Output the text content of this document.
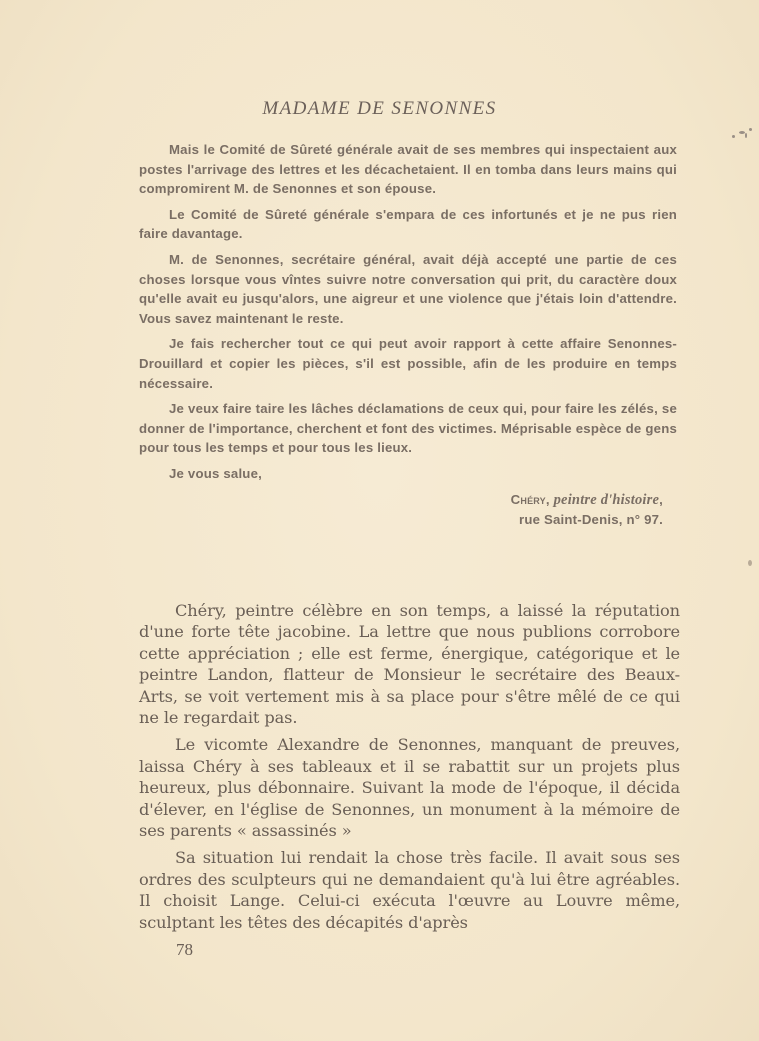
MADAME DE SENONNES

Mais le Comité de Sûreté générale avait de ses membres qui inspectaient aux postes l'arrivage des lettres et les décachetaient. Il en tomba dans leurs mains qui compromirent M. de Senonnes et son épouse.

Le Comité de Sûreté générale s'empara de ces infortunés et je ne pus rien faire davantage.

M. de Senonnes, secrétaire général, avait déjà accepté une partie de ces choses lorsque vous vîntes suivre notre conversation qui prit, du caractère doux qu'elle avait eu jusqu'alors, une aigreur et une violence que j'étais loin d'attendre. Vous savez maintenant le reste.

Je fais rechercher tout ce qui peut avoir rapport à cette affaire Senonnes-Drouillard et copier les pièces, s'il est possible, afin de les produire en temps nécessaire.

Je veux faire taire les lâches déclamations de ceux qui, pour faire les zélés, se donner de l'importance, cherchent et font des victimes. Méprisable espèce de gens pour tous les temps et pour tous les lieux.

Je vous salue,

Chéry, peintre d'histoire,
rue Saint-Denis, n° 97.

Chéry, peintre célèbre en son temps, a laissé la réputation d'une forte tête jacobine. La lettre que nous publions corrobore cette appréciation ; elle est ferme, énergique, catégorique et le peintre Landon, flatteur de Monsieur le secrétaire des Beaux-Arts, se voit vertement mis à sa place pour s'être mêlé de ce qui ne le regardait pas.

Le vicomte Alexandre de Senonnes, manquant de preuves, laissa Chéry à ses tableaux et il se rabattit sur un projets plus heureux, plus débonnaire. Suivant la mode de l'époque, il décida d'élever, en l'église de Senonnes, un monument à la mémoire de ses parents « assassinés »

Sa situation lui rendait la chose très facile. Il avait sous ses ordres des sculpteurs qui ne demandaient qu'à lui être agréables. Il choisit Lange. Celui-ci exécuta l'œuvre au Louvre même, sculptant les têtes des décapités d'après

78
